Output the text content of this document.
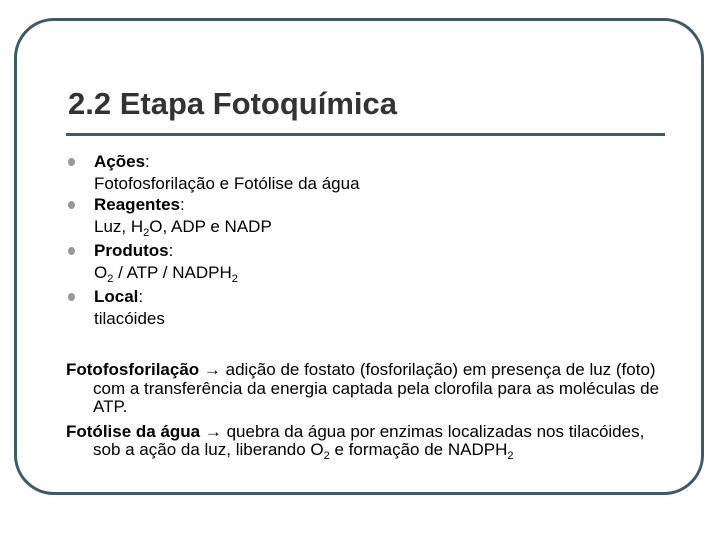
2.2 Etapa Fotoquímica
Ações:
Fotofosforilação e Fotólise da água
Reagentes:
Luz, $H_2O$, ADP e NADP
Produtos:
$O_2$ / ATP / $NADPH_2$
Local:
tilacóides

Fotofosforilação → adição de fostato (fosforilação) em presença de luz (foto) com a transferência da energia captada pela clorofila para as moléculas de ATP.

Fotólise da água → quebra da água por enzimas localizadas nos tilacóides, sob a ação da luz, liberando $O_2$ e formação de $NADPH_2$
